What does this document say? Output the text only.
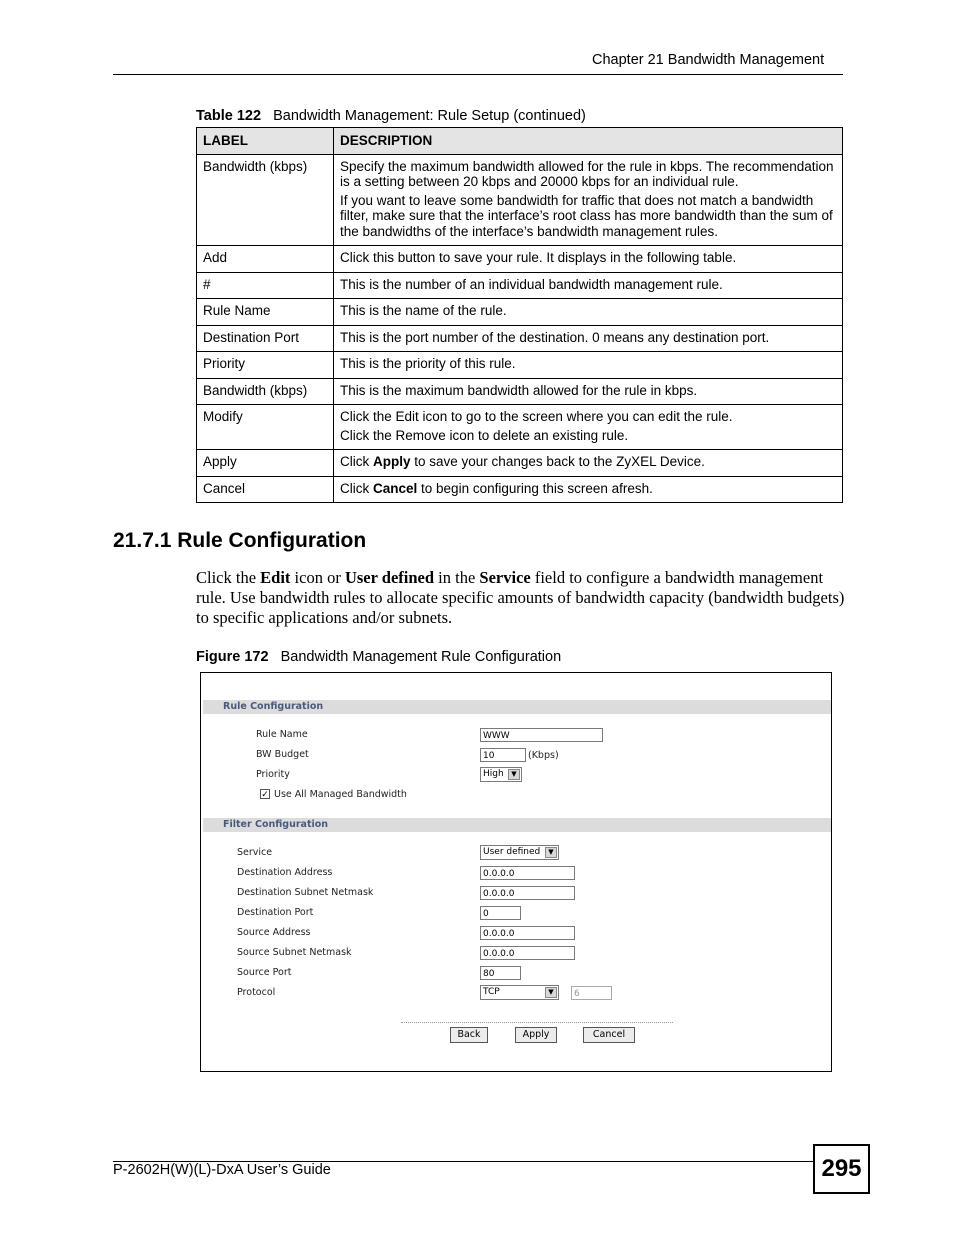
Chapter 21 Bandwidth Management
Table 122 Bandwidth Management: Rule Setup (continued)
LABEL	DESCRIPTION
Bandwidth (kbps)	Specify the maximum bandwidth allowed for the rule in kbps. The recommendation is a setting between 20 kbps and 20000 kbps for an individual rule.

If you want to leave some bandwidth for traffic that does not match a bandwidth filter, make sure that the interface’s root class has more bandwidth than the sum of the bandwidths of the interface’s bandwidth management rules.

Add	Click this button to save your rule. It displays in the following table.
#	This is the number of an individual bandwidth management rule.
Rule Name	This is the name of the rule.
Destination Port	This is the port number of the destination. 0 means any destination port.
Priority	This is the priority of this rule.
Bandwidth (kbps)	This is the maximum bandwidth allowed for the rule in kbps.
Modify	Click the Edit icon to go to the screen where you can edit the rule.

Click the Remove icon to delete an existing rule.

Apply	Click Apply to save your changes back to the ZyXEL Device.
Cancel	Click Cancel to begin configuring this screen afresh.
21.7.1 Rule Configuration
Click the Edit icon or User defined in the Service field to configure a bandwidth management rule. Use bandwidth rules to allocate specific amounts of bandwidth capacity (bandwidth budgets) to specific applications and/or subnets.
Figure 172 Bandwidth Management Rule Configuration
Rule Configuration
Rule Name	WWW
BW Budget	10	(Kbps)
Priority	High	▼
✓ Use All Managed Bandwidth
Filter Configuration
Service	User defined	▼
Destination Address	0.0.0.0
Destination Subnet Netmask	0.0.0.0
Destination Port	0
Source Address	0.0.0.0
Source Subnet Netmask	0.0.0.0
Source Port	80
Protocol	TCP	▼	6
Back	Apply	Cancel
P-2602H(W)(L)-DxA User’s Guide	295
